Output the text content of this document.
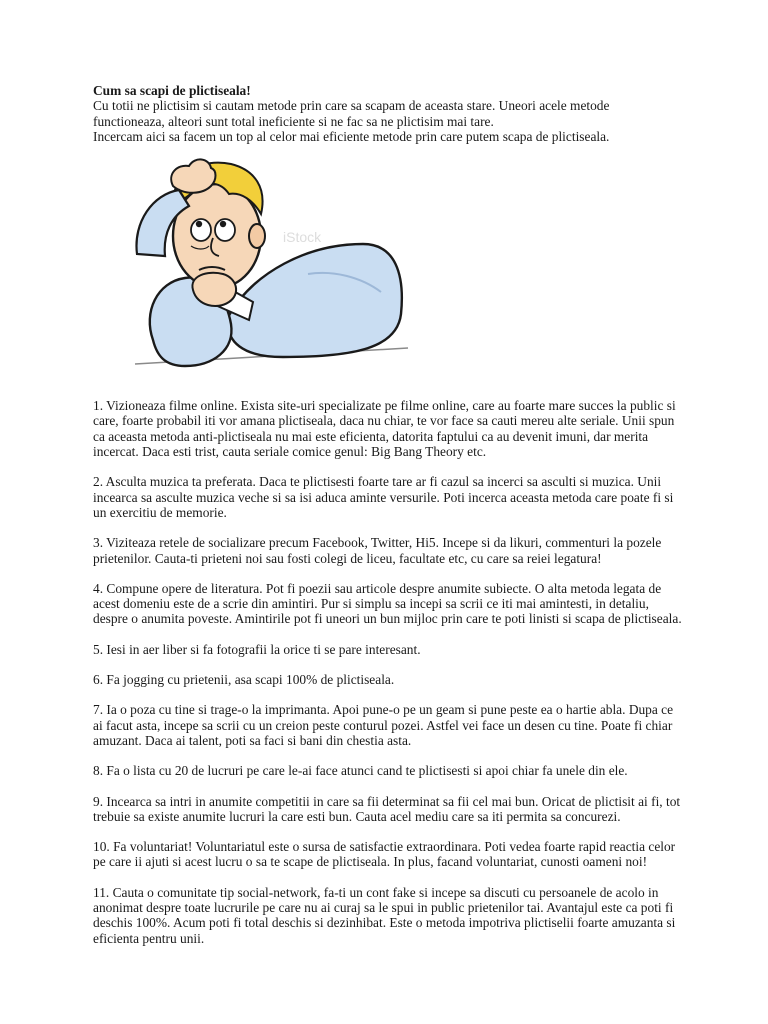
Cum sa scapi de plictiseala!

Cu totii ne plictisim si cautam metode prin care sa scapam de aceasta stare. Uneori acele metode functioneaza, alteori sunt total ineficiente si ne fac sa ne plictisim mai tare.

Incercam aici sa facem un top al celor mai eficiente metode prin care putem scapa de plictiseala.

iStock

1. Vizioneaza filme online. Exista site-uri specializate pe filme online, care au foarte mare succes la public si care, foarte probabil iti vor amana plictiseala, daca nu chiar, te vor face sa cauti mereu alte seriale. Unii spun ca aceasta metoda anti-plictiseala nu mai este eficienta, datorita faptului ca au devenit imuni, dar merita incercat. Daca esti trist, cauta seriale comice genul: Big Bang Theory etc.

2. Asculta muzica ta preferata. Daca te plictisesti foarte tare ar fi cazul sa incerci sa asculti si muzica. Unii incearca sa asculte muzica veche si sa isi aduca aminte versurile. Poti incerca aceasta metoda care poate fi si un exercitiu de memorie.

3. Viziteaza retele de socializare precum Facebook, Twitter, Hi5. Incepe si da likuri, commenturi la pozele prietenilor. Cauta-ti prieteni noi sau fosti colegi de liceu, facultate etc, cu care sa reiei legatura!

4. Compune opere de literatura. Pot fi poezii sau articole despre anumite subiecte. O alta metoda legata de acest domeniu este de a scrie din amintiri. Pur si simplu sa incepi sa scrii ce iti mai amintesti, in detaliu, despre o anumita poveste. Amintirile pot fi uneori un bun mijloc prin care te poti linisti si scapa de plictiseala.

5. Iesi in aer liber si fa fotografii la orice ti se pare interesant.

6. Fa jogging cu prietenii, asa scapi 100% de plictiseala.

7. Ia o poza cu tine si trage-o la imprimanta. Apoi pune-o pe un geam si pune peste ea o hartie abla. Dupa ce ai facut asta, incepe sa scrii cu un creion peste conturul pozei. Astfel vei face un desen cu tine. Poate fi chiar amuzant. Daca ai talent, poti sa faci si bani din chestia asta.

8. Fa o lista cu 20 de lucruri pe care le-ai face atunci cand te plictisesti si apoi chiar fa unele din ele.

9. Incearca sa intri in anumite competitii in care sa fii determinat sa fii cel mai bun. Oricat de plictisit ai fi, tot trebuie sa existe anumite lucruri la care esti bun. Cauta acel mediu care sa iti permita sa concurezi.

10. Fa voluntariat! Voluntariatul este o sursa de satisfactie extraordinara. Poti vedea foarte rapid reactia celor pe care ii ajuti si acest lucru o sa te scape de plictiseala. In plus, facand voluntariat, cunosti oameni noi!

11. Cauta o comunitate tip social-network, fa-ti un cont fake si incepe sa discuti cu persoanele de acolo in anonimat despre toate lucrurile pe care nu ai curaj sa le spui in public prietenilor tai. Avantajul este ca poti fi deschis 100%. Acum poti fi total deschis si dezinhibat. Este o metoda impotriva plictiselii foarte amuzanta si eficienta pentru unii.
